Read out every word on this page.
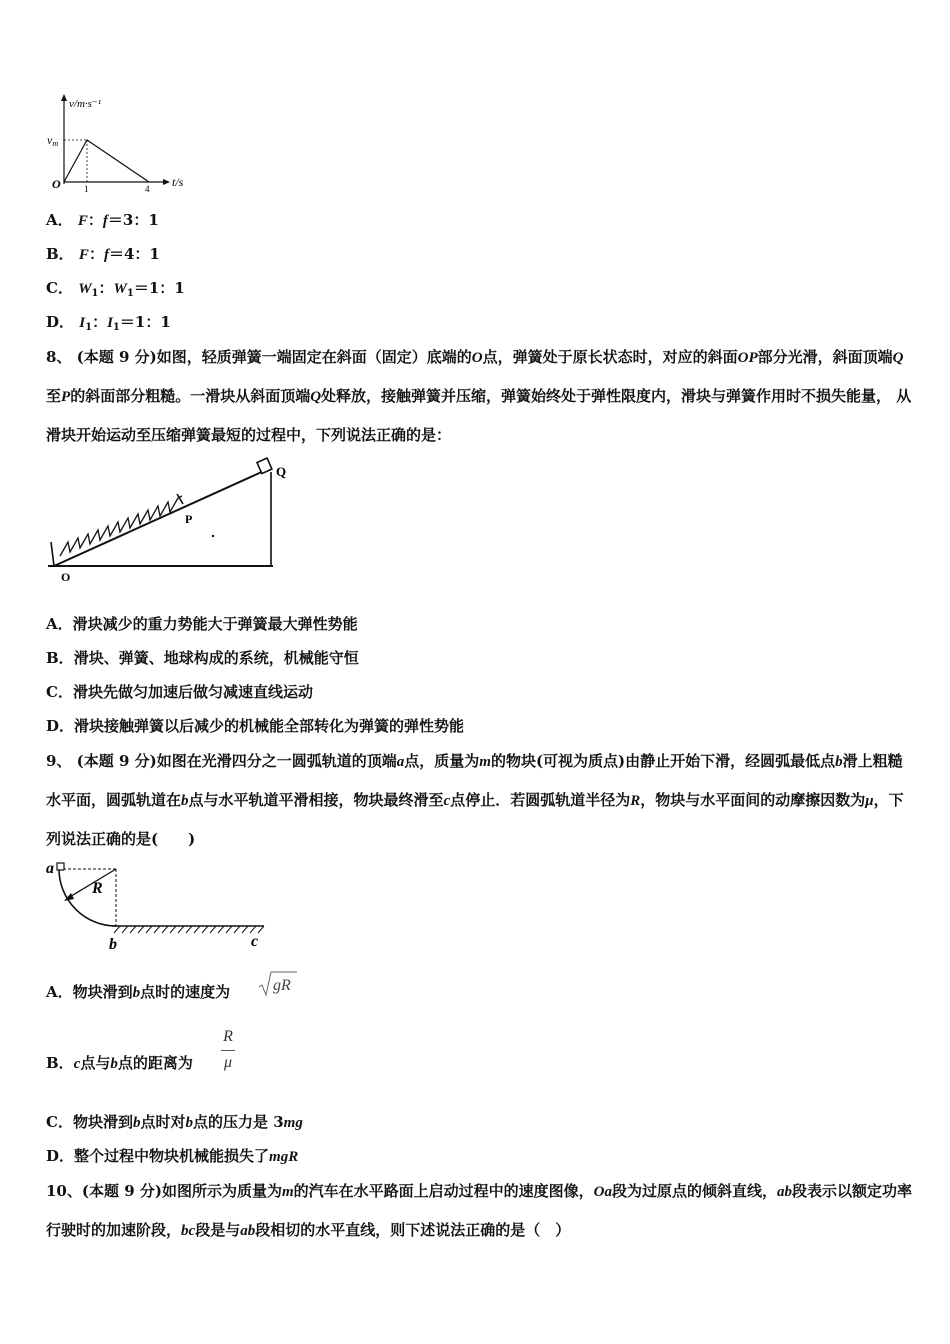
v/m·s⁻¹
vm
O	1	4 t/s
A． F：f＝3：1
B． F：f＝4：1
C． $W_1$：$W_1=1$：1
D． $I_1$：$I_1=1$：1
8、 (本题 9 分)如图，轻质弹簧一端固定在斜面（固定）底端的O点，弹簧处于原长状态时，对应的斜面OP部分光滑，斜面顶端Q至P的斜面部分粗糙。一滑块从斜面顶端Q处释放，接触弹簧并压缩，弹簧始终处于弹性限度内，滑块与弹簧作用时不损失能量， 从滑块开始运动至压缩弹簧最短的过程中，下列说法正确的是：
Q
P
O
A．滑块减少的重力势能大于弹簧最大弹性势能
B．滑块、弹簧、地球构成的系统，机械能守恒
C．滑块先做匀加速后做匀减速直线运动
D．滑块接触弹簧以后减少的机械能全部转化为弹簧的弹性势能
9、 (本题 9 分)如图在光滑四分之一圆弧轨道的顶端a点，质量为m的物块(可视为质点)由静止开始下滑，经圆弧最低点b滑上粗糙水平面，圆弧轨道在b点与水平轨道平滑相接，物块最终滑至c点停止．若圆弧轨道半径为R，物块与水平面间的动摩擦因数为μ，下列说法正确的是(　　)
a
R
b	c
A．物块滑到b点时的速度为	gR
B．c点与b点的距离为
R
μ
C．物块滑到b点时对b点的压力是 3mg
D．整个过程中物块机械能损失了mgR
10、(本题 9 分)如图所示为质量为m的汽车在水平路面上启动过程中的速度图像，Oa段为过原点的倾斜直线，ab段表示以额定功率行驶时的加速阶段，bc段是与ab段相切的水平直线，则下述说法正确的是（　）
